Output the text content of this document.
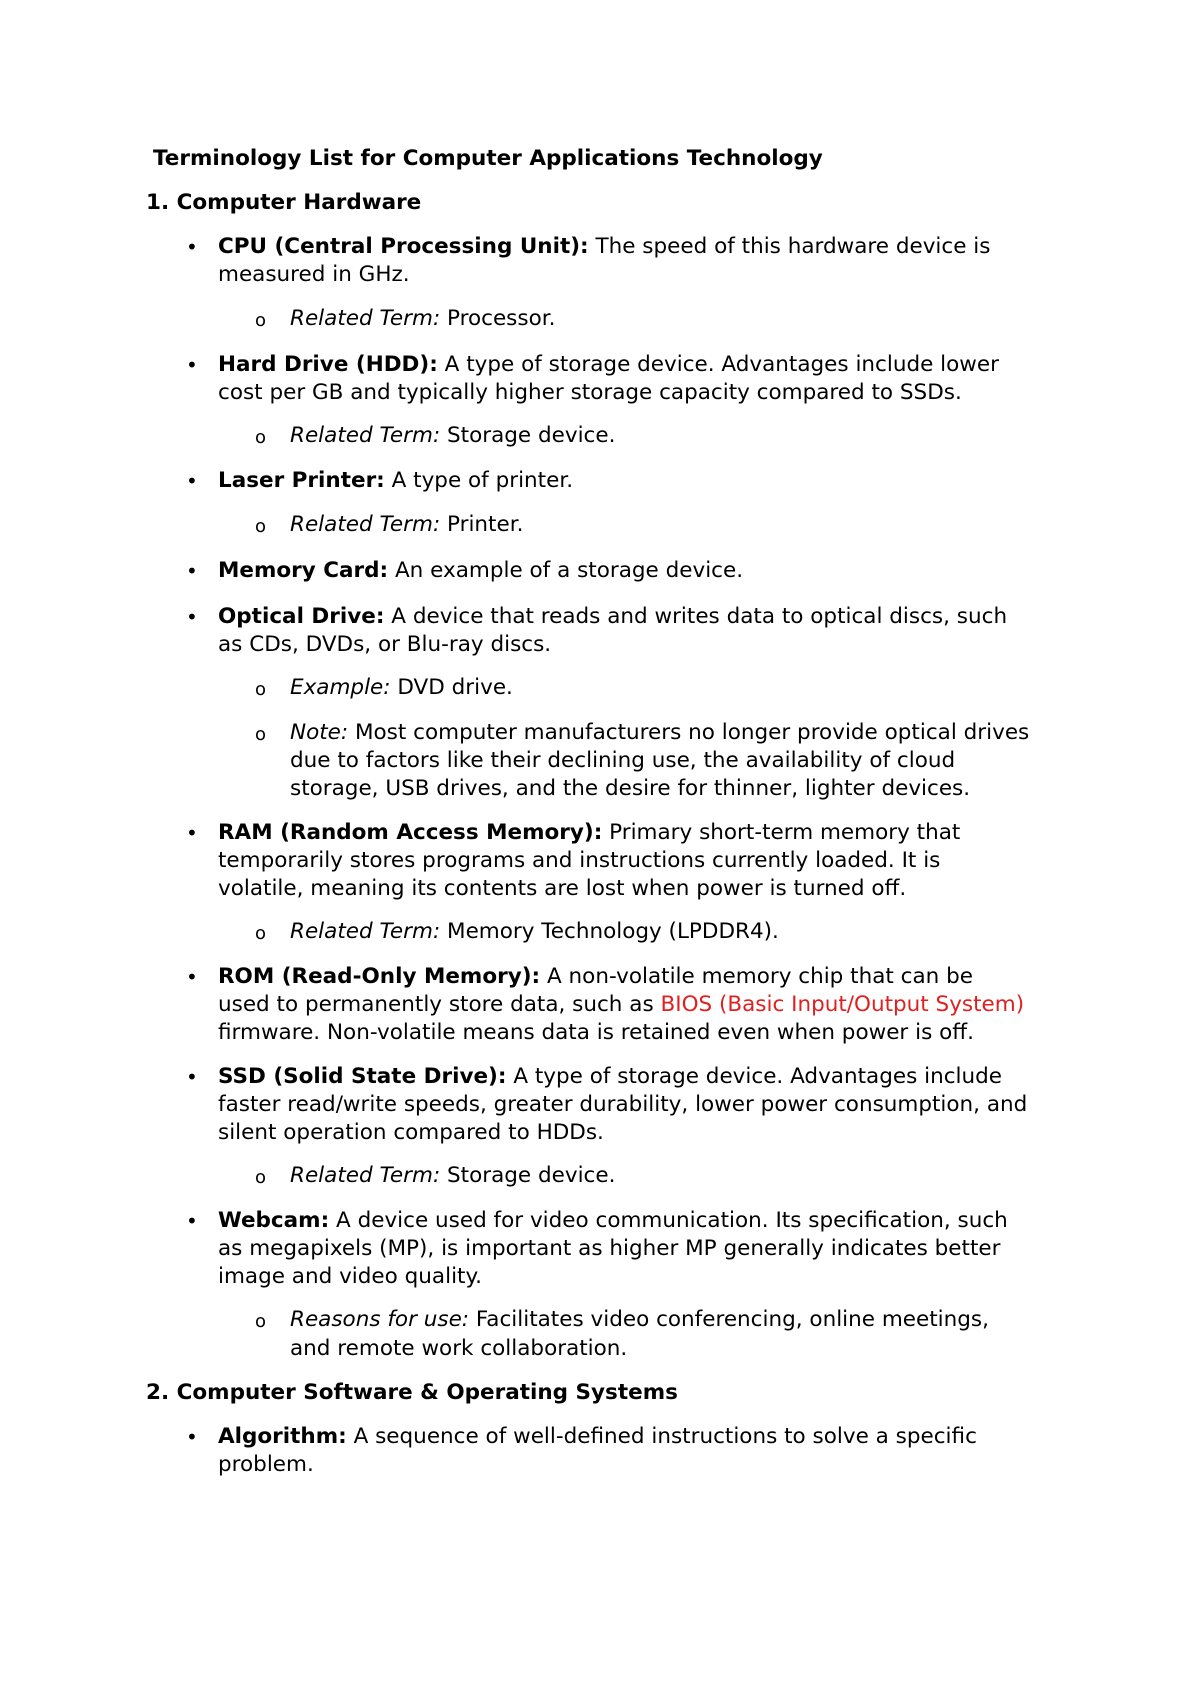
Terminology List for Computer Applications Technology
1. Computer Hardware
• CPU (Central Processing Unit): The speed of this hardware device is
measured in GHz.
o Related Term: Processor.
• Hard Drive (HDD): A type of storage device. Advantages include lower
cost per GB and typically higher storage capacity compared to SSDs.
o Related Term: Storage device.
• Laser Printer: A type of printer.
o Related Term: Printer.
• Memory Card: An example of a storage device.
• Optical Drive: A device that reads and writes data to optical discs, such
as CDs, DVDs, or Blu-ray discs.
o Example: DVD drive.
o Note: Most computer manufacturers no longer provide optical drives
due to factors like their declining use, the availability of cloud
storage, USB drives, and the desire for thinner, lighter devices.
• RAM (Random Access Memory): Primary short-term memory that
temporarily stores programs and instructions currently loaded. It is
volatile, meaning its contents are lost when power is turned off.
o Related Term: Memory Technology (LPDDR4).
• ROM (Read-Only Memory): A non-volatile memory chip that can be
used to permanently store data, such as BIOS (Basic Input/Output System)
firmware. Non-volatile means data is retained even when power is off.
• SSD (Solid State Drive): A type of storage device. Advantages include
faster read/write speeds, greater durability, lower power consumption, and
silent operation compared to HDDs.
o Related Term: Storage device.
• Webcam: A device used for video communication. Its specification, such
as megapixels (MP), is important as higher MP generally indicates better
image and video quality.
o Reasons for use: Facilitates video conferencing, online meetings,
and remote work collaboration.
2. Computer Software & Operating Systems
• Algorithm: A sequence of well-defined instructions to solve a specific
problem.
